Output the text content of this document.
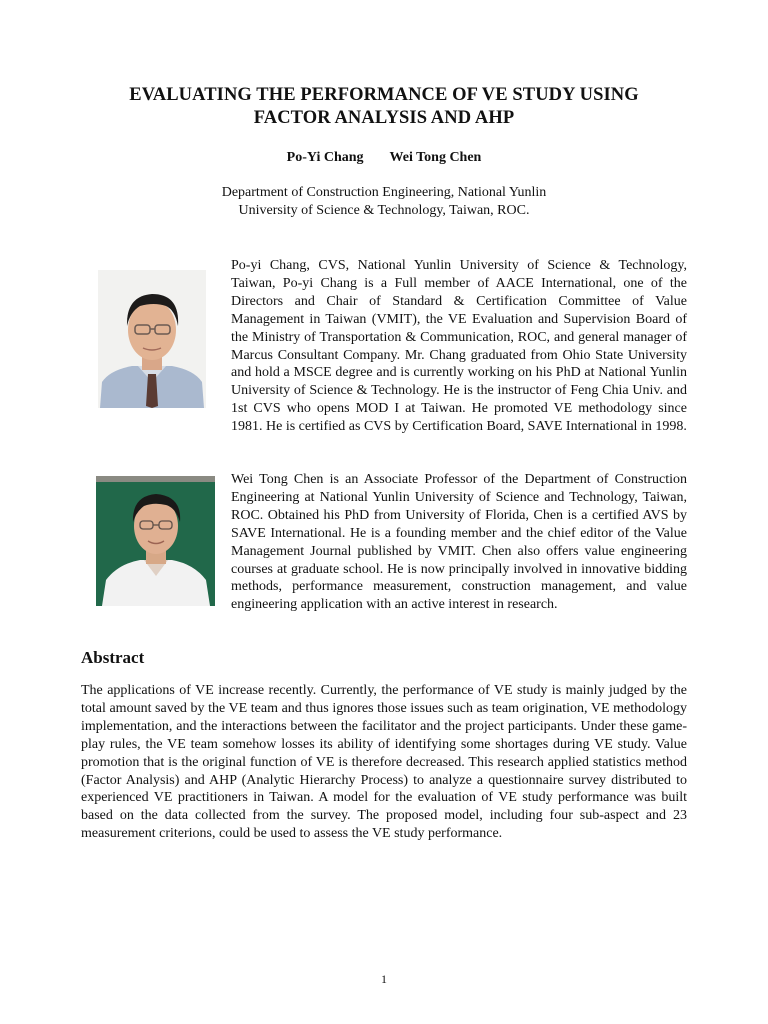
EVALUATING THE PERFORMANCE OF VE STUDY USING
FACTOR ANALYSIS AND AHP
Po-Yi Chang Wei Tong Chen
Department of Construction Engineering, National Yunlin
University of Science & Technology, Taiwan, ROC.
Po-yi Chang, CVS, National Yunlin University of Science & Technology, Taiwan, Po-yi Chang is a Full member of AACE International, one of the Directors and Chair of Standard & Certification Committee of Value Management in Taiwan (VMIT), the VE Evaluation and Supervision Board of the Ministry of Transportation & Communication, ROC, and general manager of Marcus Consultant Company. Mr. Chang graduated from Ohio State University and hold a MSCE degree and is currently working on his PhD at National Yunlin University of Science & Technology. He is the instructor of Feng Chia Univ. and 1st CVS who opens MOD I at Taiwan. He promoted VE methodology since 1981. He is certified as CVS by Certification Board, SAVE International in 1998.
Wei Tong Chen is an Associate Professor of the Department of Construction Engineering at National Yunlin University of Science and Technology, Taiwan, ROC. Obtained his PhD from University of Florida, Chen is a certified AVS by SAVE International. He is a founding member and the chief editor of the Value Management Journal published by VMIT. Chen also offers value engineering courses at graduate school. He is now principally involved in innovative bidding methods, performance measurement, construction management, and value engineering application with an active interest in research.
Abstract
The applications of VE increase recently. Currently, the performance of VE study is mainly judged by the total amount saved by the VE team and thus ignores those issues such as team origination, VE methodology implementation, and the interactions between the facilitator and the project participants. Under these game-play rules, the VE team somehow losses its ability of identifying some shortages during VE study. Value promotion that is the original function of VE is therefore decreased. This research applied statistics method (Factor Analysis) and AHP (Analytic Hierarchy Process) to analyze a questionnaire survey distributed to experienced VE practitioners in Taiwan. A model for the evaluation of VE study performance was built based on the data collected from the survey. The proposed model, including four sub-aspect and 23 measurement criterions, could be used to assess the VE study performance.
1
